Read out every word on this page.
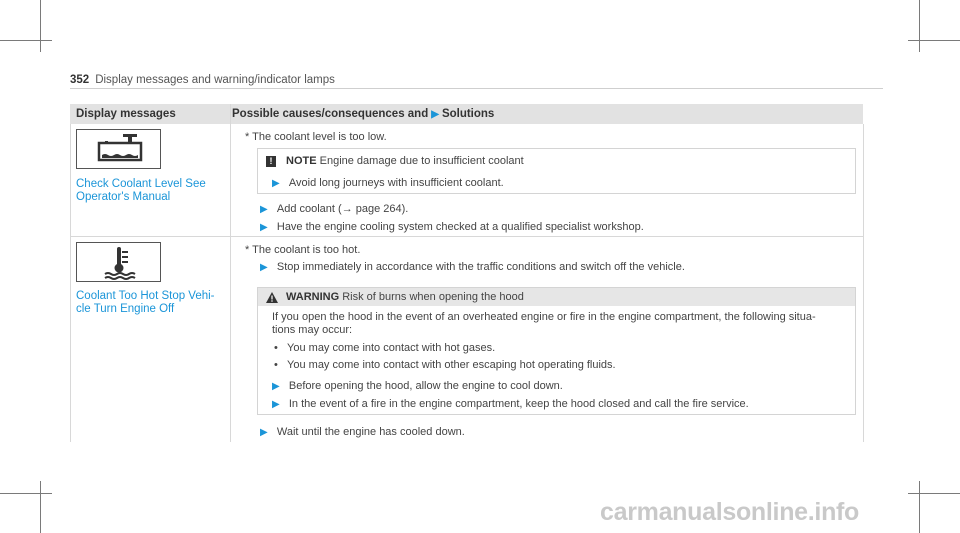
352 Display messages and warning/indicator lamps
Display messages	Possible causes/consequences and ▶ Solutions
Check Coolant Level See Operator's Manual
* The coolant level is too low.
! NOTE Engine damage due to insufficient coolant
▶ Avoid long journeys with insufficient coolant.
▶ Add coolant (→ page 264).
▶ Have the engine cooling system checked at a qualified specialist workshop.
Coolant Too Hot Stop Vehi-
cle Turn Engine Off
* The coolant is too hot.
▶ Stop immediately in accordance with the traffic conditions and switch off the vehicle.
WARNING Risk of burns when opening the hood
If you open the hood in the event of an overheated engine or fire in the engine compartment, the following situa-
tions may occur:
•   You may come into contact with hot gases.
•   You may come into contact with other escaping hot operating fluids.
▶ Before opening the hood, allow the engine to cool down.
▶ In the event of a fire in the engine compartment, keep the hood closed and call the fire service.
▶ Wait until the engine has cooled down.
carmanualsonline.info
